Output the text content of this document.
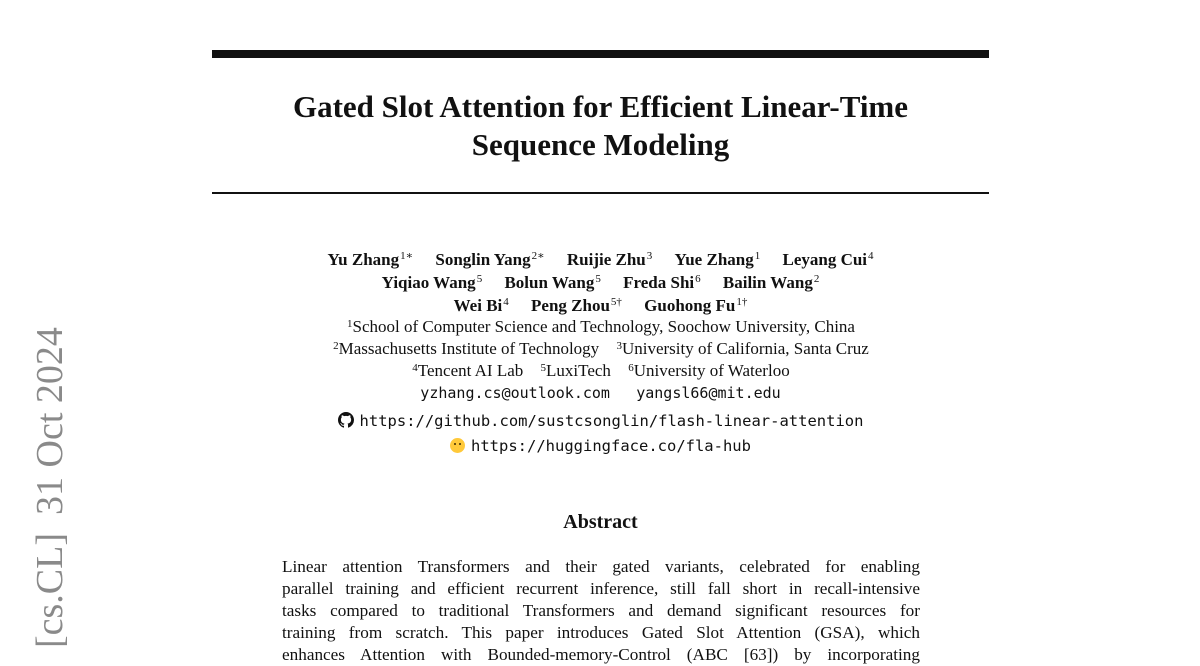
Gated Slot Attention for Efficient Linear-Time
Sequence Modeling
Yu Zhang$^{1∗}$ Songlin Yang$^{2∗}$ Ruijie Zhu$^3$ Yue Zhang$^1$ Leyang Cui$^4$
Yiqiao Wang$^5$ Bolun Wang$^5$ Freda Shi$^6$ Bailin Wang$^2$
Wei Bi$^4$ Peng Zhou$^{5\dagger}$ Guohong $Fu^{1\dagger}$
$^1$School of Computer Science and Technology, Soochow University, China
$^2$Massachusetts Institute of Technology $^3$University of California, Santa Cruz
$^4$Tencent AI Lab $^5$LuxiTech $^6$University of Waterloo
yzhang.cs@outlook.com yangsl66@mit.edu
https://github.com/sustcsonglin/flash-linear-attention
https://huggingface.co/fla-hub
Abstract
Linear attention Transformers and their gated variants, celebrated for enabling
parallel training and efficient recurrent inference, still fall short in recall-intensive
tasks compared to traditional Transformers and demand significant resources for
training from scratch. This paper introduces Gated Slot Attention (GSA), which
enhances Attention with Bounded-memory-Control (ABC [63]) by incorporating
[cs.CL]31 Oct 2024
